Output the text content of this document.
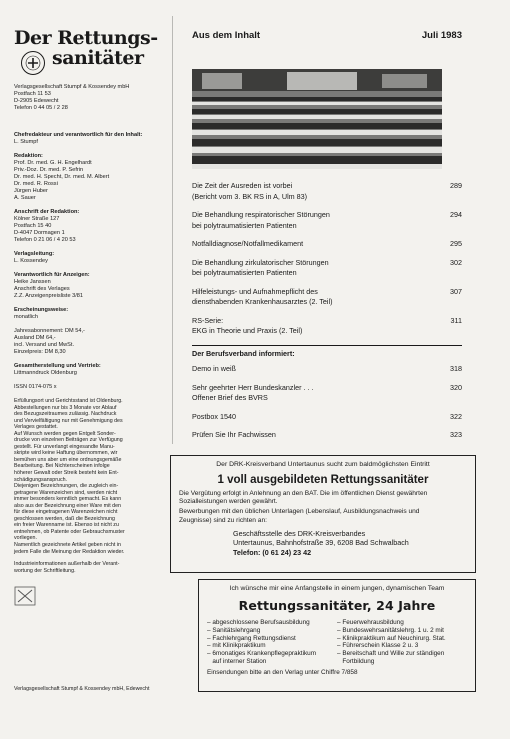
Der Rettungs-
sanitäter
Verlagsgesellschaft Stumpf & Kossendey mbH
Postfach 11 53
D-2905 Edewecht
Telefon 0 44 05 / 2 28
Chefredakteur und verantwortlich für den Inhalt:
L. Stumpf
Redaktion:
Prof. Dr. med. G. H. Engelhardt
Priv.-Doz. Dr. med. P. Sefrin
Dr. med. H. Specht, Dr. med. M. Albert
Dr. med. R. Rossi
Jürgen Huber
A. Sauer
Anschrift der Redaktion:
Kölner Straße 127
Postfach 15 40
D-4047 Dormagen 1
Telefon 0 21 06 / 4 20 53
Verlagsleitung:
L. Kossendey
Verantwortlich für Anzeigen:
Heike Janssen
Anschrift des Verlages
Z.Z. Anzeigenpreisliste 3/81
Erscheinungsweise:
monatlich
Jahresabonnement: DM 54,-
Ausland DM 64,-
incl. Versand und MwSt.
Einzelpreis: DM 8,30
Gesamtherstellung und Vertrieb:
Littmanndruck Oldenburg
ISSN 0174-075 x
Erfüllungsort und Gerichtsstand ist Oldenburg.
Abbestellungen nur bis 3 Monate vor Ablauf
des Bezugszeitraumes zulässig. Nachdruck
und Vervielfältigung nur mit Genehmigung des
Verlages gestattet.
Auf Wunsch werden gegen Entgelt Sonder-
drucke von einzelnen Beiträgen zur Verfügung
gestellt. Für unverlangt eingesandte Manu-
skripte wird keine Haftung übernommen, wir
bemühen uns aber um eine ordnungsgemäße
Bearbeitung. Bei Nichterscheinen infolge
höherer Gewalt oder Streik besteht kein Ent-
schädigungsanspruch.
Diejenigen Bezeichnungen, die zugleich ein-
getragene Warenzeichen sind, werden nicht
immer besonders kenntlich gemacht. Es kann
also aus der Bezeichnung einer Ware mit den
für diese eingetragenen Warenzeichen nicht
geschlossen werden, daß die Bezeichnung
ein freier Warenname ist. Ebenso ist nicht zu
entnehmen, ob Patente oder Gebrauchsmuster
vorliegen.
Namentlich gezeichnete Artikel geben nicht in
jedem Falle die Meinung der Redaktion wieder.
Industrieinformationen außerhalb der Verant-
wortung der Schriftleitung.
Verlagsgesellschaft Stumpf & Kossendey mbH, Edewecht
Aus dem Inhalt	Juli 1983
Die Zeit der Ausreden ist vorbei
(Bericht vom 3. BK RS in A, Ulm 83)
289
Die Behandlung respiratorischer Störungen
bei polytraumatisierten Patienten
294
Notfalldiagnose/Notfallmedikament	295
Die Behandlung zirkulatorischer Störungen
bei polytraumatisierten Patienten
302
Hilfeleistungs- und Aufnahmepflicht des
diensthabenden Krankenhausarztes (2. Teil)
307
RS-Serie:
EKG in Theorie und Praxis (2. Teil)
311
Der Berufsverband informiert:
Demo in weiß	318
Sehr geehrter Herr Bundeskanzler . . .
Offener Brief des BVRS
320
Postbox 1540	322
Prüfen Sie Ihr Fachwissen	323
Der DRK-Kreisverband Untertaunus sucht zum baldmöglichsten Eintritt
1 voll ausgebildeten Rettungssanitäter
Die Vergütung erfolgt in Anlehnung an den BAT. Die im öffentlichen Dienst gewährten
Sozialleistungen werden gewährt.
Bewerbungen mit den üblichen Unterlagen (Lebenslauf, Ausbildungsnachweis und
Zeugnisse) sind zu richten an:
Geschäftsstelle des DRK-Kreisverbandes
Untertaunus, Bahnhofstraße 39, 6208 Bad Schwalbach
Telefon: (0 61 24) 23 42
Ich wünsche mir eine Anfangstelle in einem jungen, dynamischen Team
Rettungssanitäter, 24 Jahre
– abgeschlossene Berufsausbildung
– Sanitätslehrgang
– Fachlehrgang Rettungsdienst
– mit Klinikpraktikum
– 6monatiges Krankenpflegepraktikum
auf interner Station
– Feuerwehrausbildung
– Bundeswehrsanitätslehrg. 1 u. 2 mit
– Klinikpraktikum auf Neuchirurg. Stat.
– Führerschein Klasse 2 u. 3
– Bereitschaft und Wille zur ständigen
Fortbildung
Einsendungen bitte an den Verlag unter Chiffre 7/858
